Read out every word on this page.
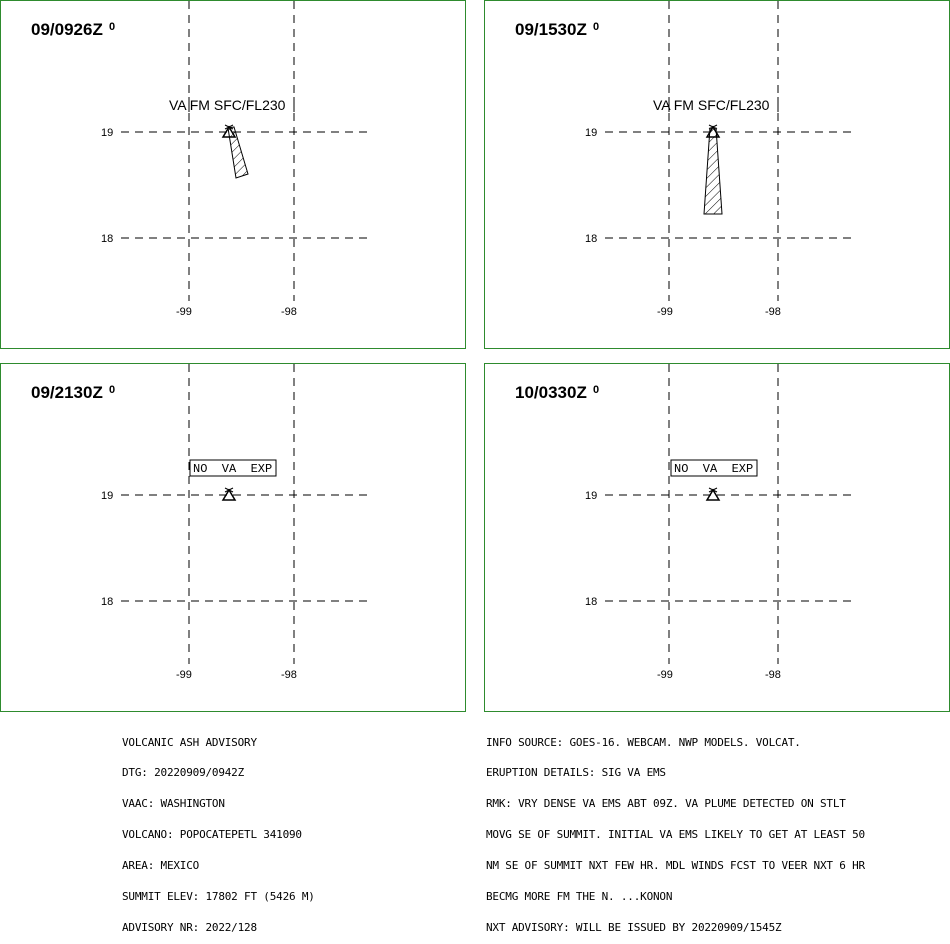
19
18
-99	-98
09/0926Z 0
VA FM SFC/FL230
19
18
-99	-98
09/1530Z 0
VA FM SFC/FL230
19
18
-99	-98
09/2130Z 0
NO  VA  EXP
19
18
-99	-98
10/0330Z 0
NO  VA  EXP

VOLCANIC ASH ADVISORY

DTG: 20220909/0942Z

VAAC: WASHINGTON

VOLCANO: POPOCATEPETL 341090

AREA: MEXICO

SUMMIT ELEV: 17802 FT (5426 M)

ADVISORY NR: 2022/128

INFO SOURCE: GOES-16. WEBCAM. NWP MODELS. VOLCAT.

ERUPTION DETAILS: SIG VA EMS

RMK: VRY DENSE VA EMS ABT 09Z. VA PLUME DETECTED ON STLT

MOVG SE OF SUMMIT. INITIAL VA EMS LIKELY TO GET AT LEAST 50

NM SE OF SUMMIT NXT FEW HR. MDL WINDS FCST TO VEER NXT 6 HR

BECMG MORE FM THE N. ...KONON

NXT ADVISORY: WILL BE ISSUED BY 20220909/1545Z
